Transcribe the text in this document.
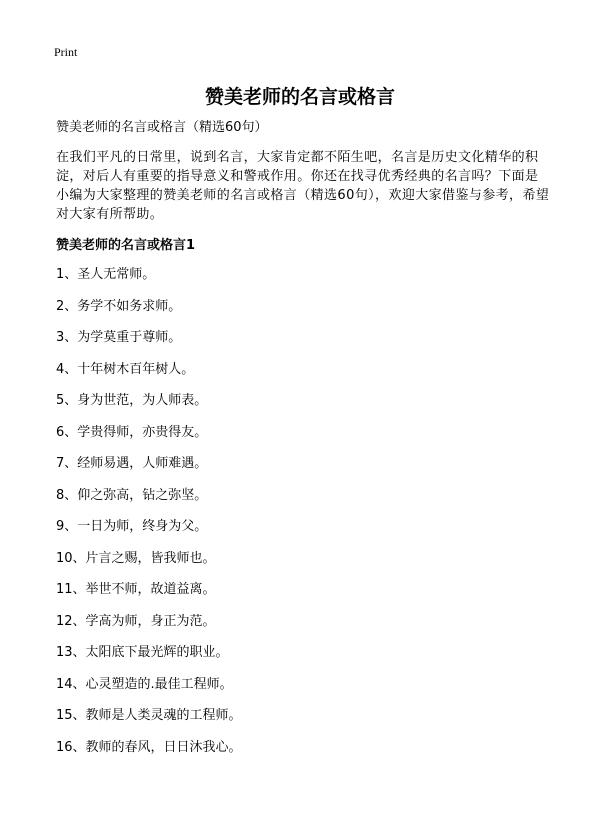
Print
赞美老师的名言或格言

赞美老师的名言或格言（精选60句）

在我们平凡的日常里，说到名言，大家肯定都不陌生吧，名言是历史文化精华的积淀，对后人有重要的指导意义和警戒作用。你还在找寻优秀经典的名言吗？下面是小编为大家整理的赞美老师的名言或格言（精选60句），欢迎大家借鉴与参考，希望对大家有所帮助。

赞美老师的名言或格言1

1、圣人无常师。
2、务学不如务求师。
3、为学莫重于尊师。
4、十年树木百年树人。
5、身为世范，为人师表。
6、学贵得师，亦贵得友。
7、经师易遇，人师难遇。
8、仰之弥高，钻之弥坚。
9、一日为师，终身为父。
10、片言之赐，皆我师也。
11、举世不师，故道益离。
12、学高为师，身正为范。
13、太阳底下最光辉的职业。
14、心灵塑造的.最佳工程师。
15、教师是人类灵魂的工程师。
16、教师的春风，日日沐我心。
